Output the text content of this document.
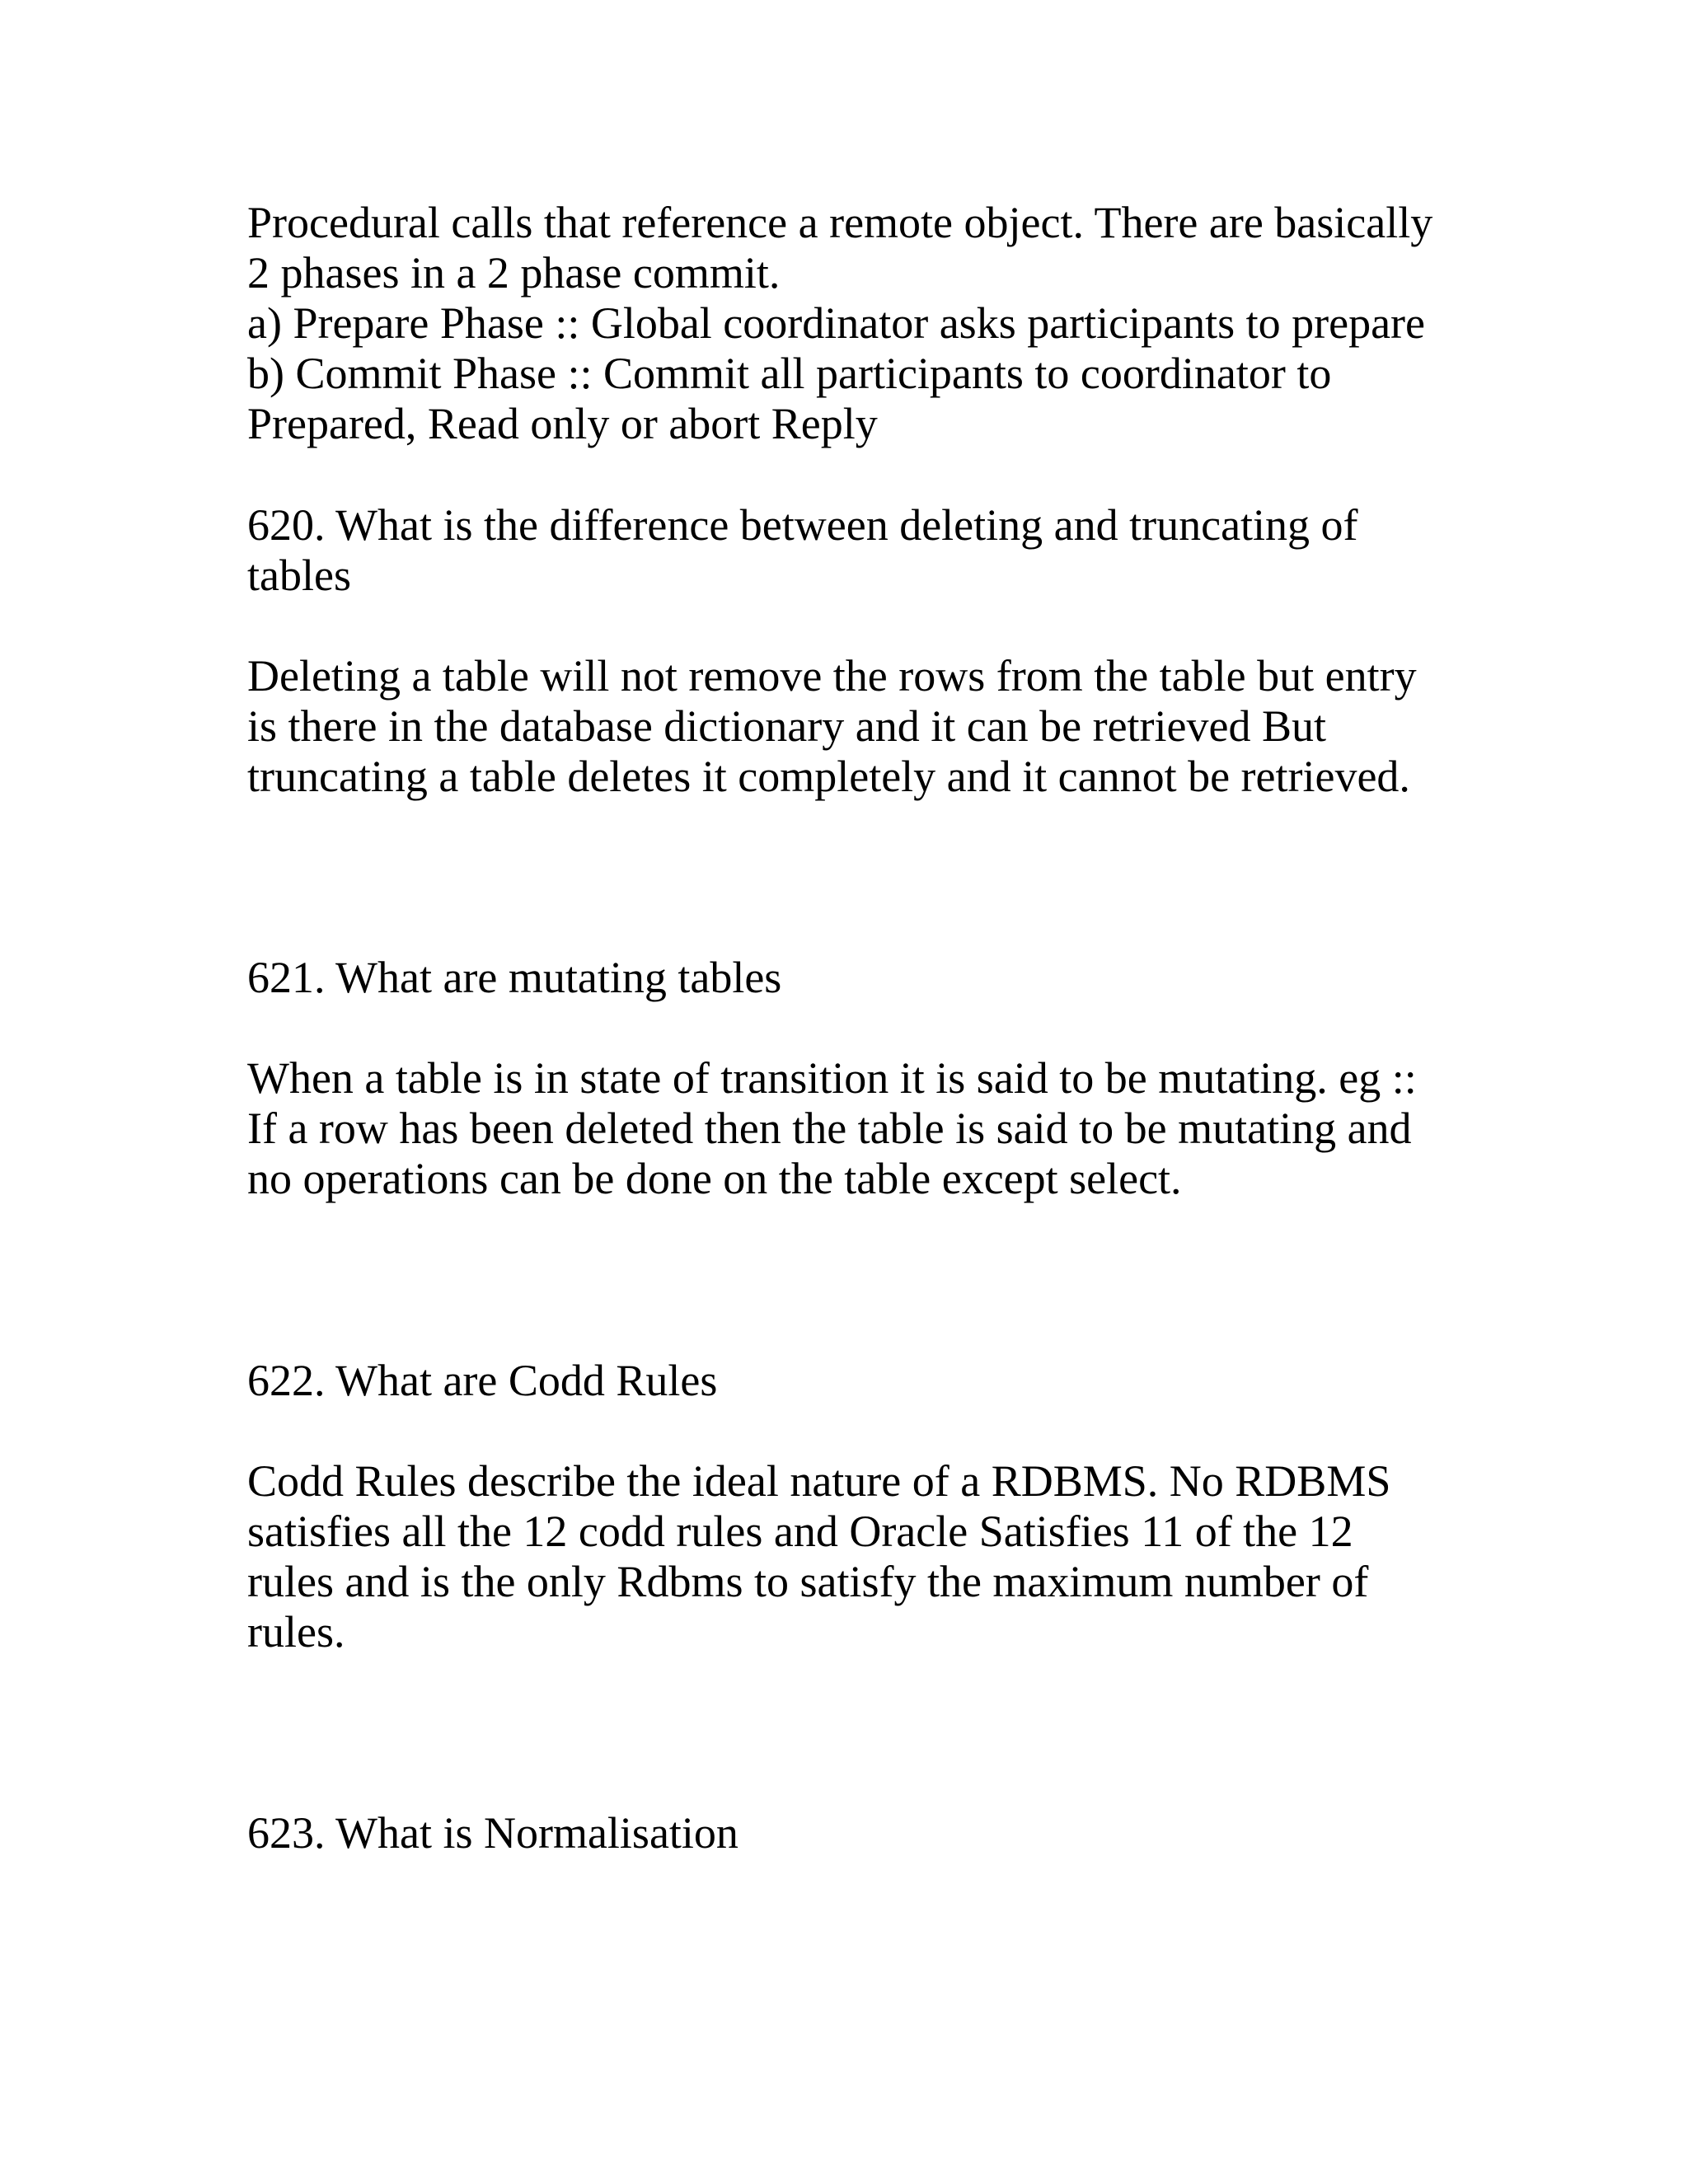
Procedural calls that reference a remote object. There are basically

2 phases in a 2 phase commit.

a) Prepare Phase :: Global coordinator asks participants to prepare

b) Commit Phase :: Commit all participants to coordinator to

Prepared, Read only or abort Reply

620. What is the difference between deleting and truncating of

tables

Deleting a table will not remove the rows from the table but entry

is there in the database dictionary and it can be retrieved But

truncating a table deletes it completely and it cannot be retrieved.

621. What are mutating tables

When a table is in state of transition it is said to be mutating. eg ::

If a row has been deleted then the table is said to be mutating and

no operations can be done on the table except select.

622. What are Codd Rules

Codd Rules describe the ideal nature of a RDBMS. No RDBMS

satisfies all the 12 codd rules and Oracle Satisfies 11 of the 12

rules and is the only Rdbms to satisfy the maximum number of

rules.

623. What is Normalisation
